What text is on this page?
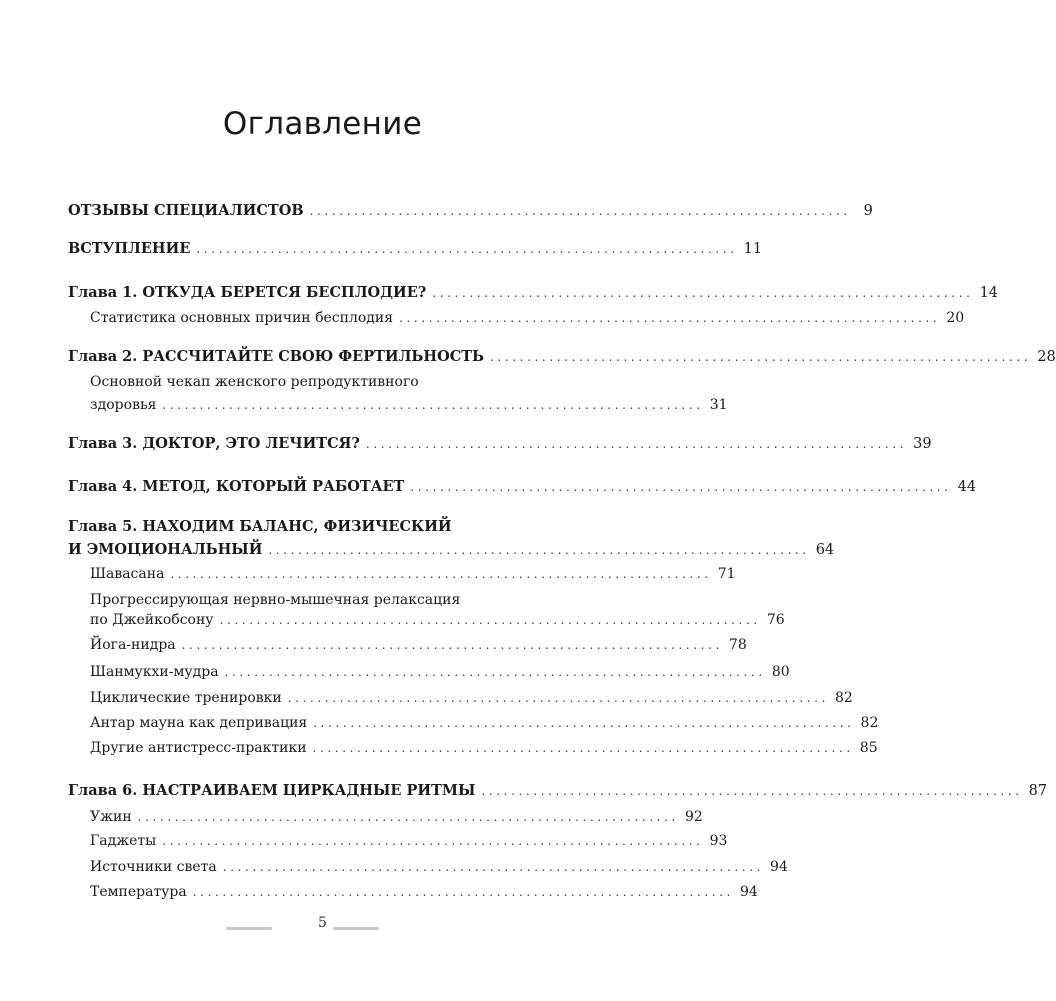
Оглавление
ОТЗЫВЫ СПЕЦИАЛИСТОВ ......................................................................... 9
ВСТУПЛЕНИЕ ......................................................................... 11
Глава 1. ОТКУДА БЕРЕТСЯ БЕСПЛОДИЕ? ......................................................................... 14
Статистика основных причин бесплодия ......................................................................... 20
Глава 2. РАССЧИТАЙТЕ СВОЮ ФЕРТИЛЬНОСТЬ ......................................................................... 28
Основной чекап женского репродуктивного
здоровья ......................................................................... 31
Глава 3. ДОКТОР, ЭТО ЛЕЧИТСЯ? ......................................................................... 39
Глава 4. МЕТОД, КОТОРЫЙ РАБОТАЕТ ......................................................................... 44
Глава 5. НАХОДИМ БАЛАНС, ФИЗИЧЕСКИЙ
И ЭМОЦИОНАЛЬНЫЙ ......................................................................... 64
Шавасана ......................................................................... 71
Прогрессирующая нервно-мышечная релаксация
по Джейкобсону ......................................................................... 76
Йога-нидра ......................................................................... 78
Шанмукхи-мудра ......................................................................... 80
Циклические тренировки ......................................................................... 82
Антар мауна как депривация ......................................................................... 82
Другие антистресс-практики ......................................................................... 85
Глава 6. НАСТРАИВАЕМ ЦИРКАДНЫЕ РИТМЫ ......................................................................... 87
Ужин ......................................................................... 92
Гаджеты ......................................................................... 93
Источники света ......................................................................... 94
Температура ......................................................................... 94
5
